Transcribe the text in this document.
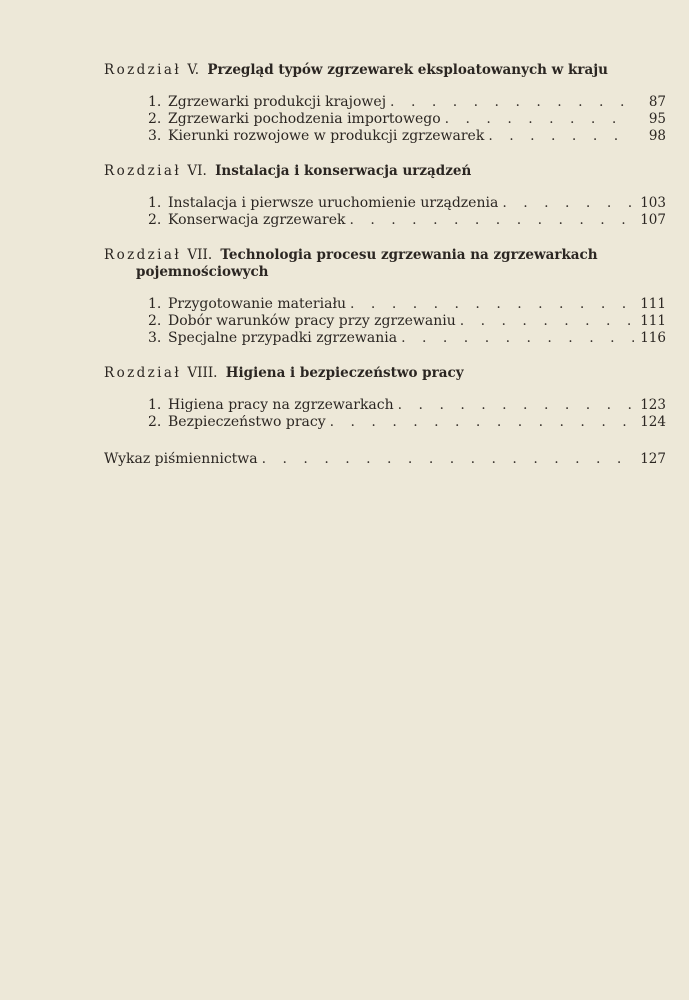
Rozdział V. Przegląd typów zgrzewarek eksploatowanych w kraju

1. Zgrzewarki produkcji krajowej . . .	87
2. Zgrzewarki pochodzenia importowego . . .	95
3. Kierunki rozwojowe w produkcji zgrzewarek . . .	98

Rozdział VI. Instalacja i konserwacja urządzeń

1. Instalacja i pierwsze uruchomienie urządzenia . . .	103
2. Konserwacja zgrzewarek . . .	107

Rozdział VII. Technologia procesu zgrzewania na zgrzewarkach
pojemnościowych

1. Przygotowanie materiału . . .	111
2. Dobór warunków pracy przy zgrzewaniu . . .	111
3. Specjalne przypadki zgrzewania . . .	116

Rozdział VIII. Higiena i bezpieczeństwo pracy

1. Higiena pracy na zgrzewarkach . . .	123
2. Bezpieczeństwo pracy . . .	124
Wykaz piśmiennictwa . . .	127
